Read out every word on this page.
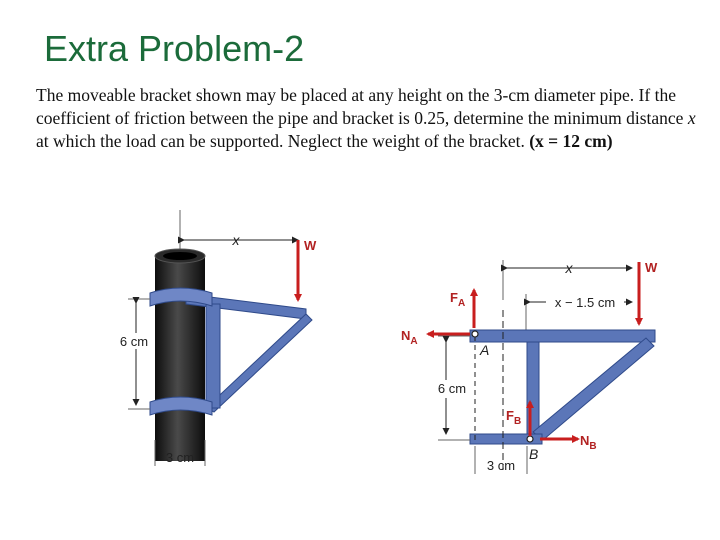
Extra Problem-2
The moveable bracket shown may be placed at any height on the 3-cm diameter pipe. If the coefficient of friction between the pipe and bracket is 0.25, determine the minimum distance x at which the load can be supported. Neglect the weight of the bracket. (x = 12 cm)
x	W
6 cm
3 cm
x
x − 1.5 cm
W
$F_A$
$N_A$
A
6 cm
$F_B$
$N_B$
B
3 cm
